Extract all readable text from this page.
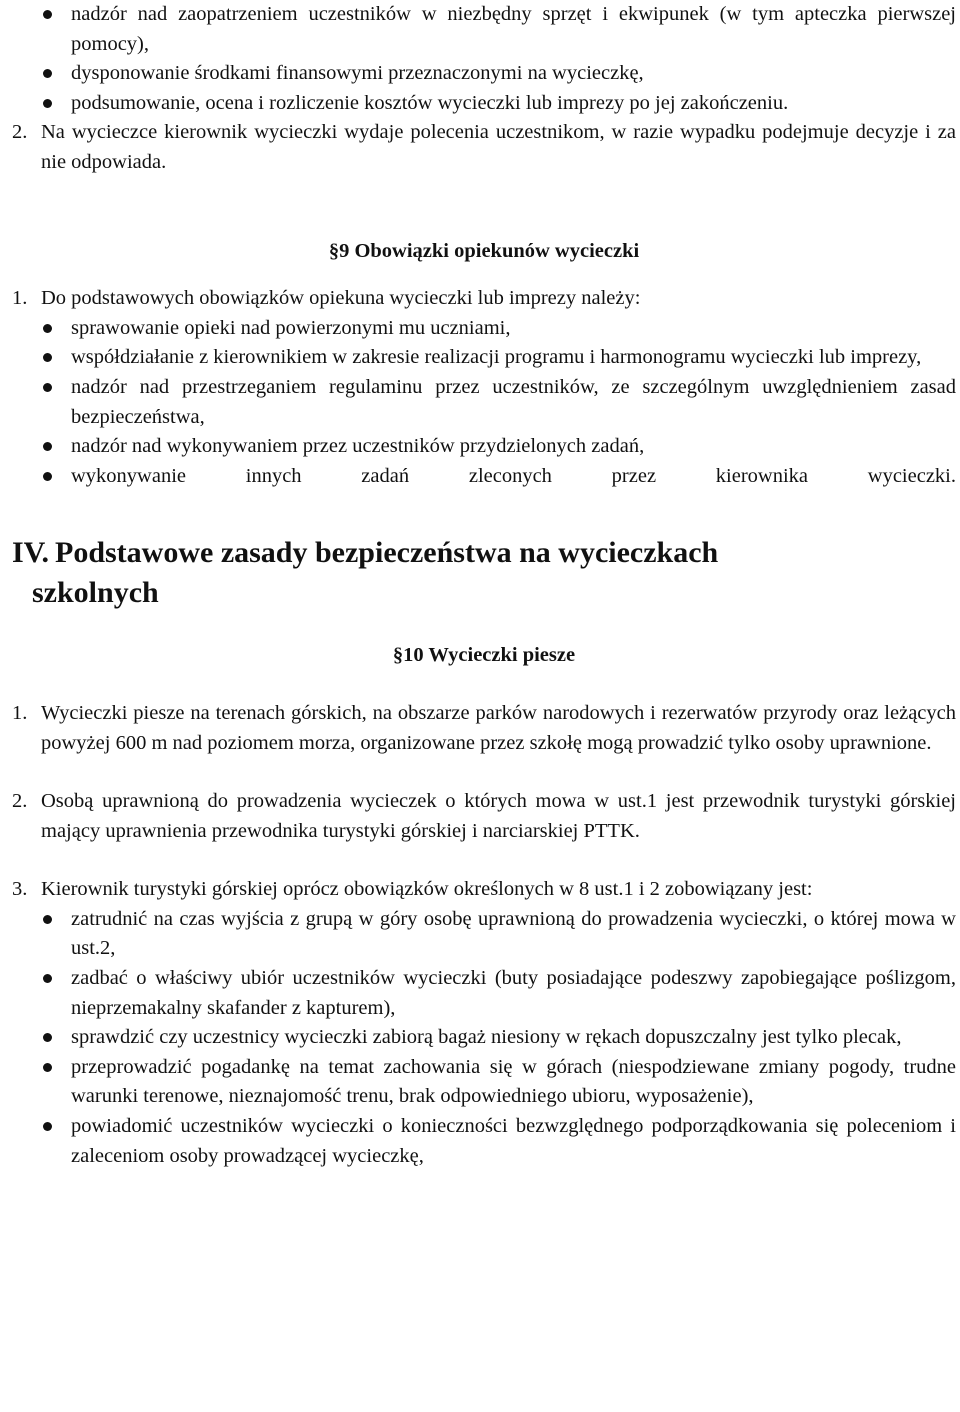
nadzór nad zaopatrzeniem uczestników w niezbędny sprzęt i ekwipunek (w tym apteczka pierwszej pomocy),
dysponowanie środkami finansowymi przeznaczonymi na wycieczkę,
podsumowanie, ocena i rozliczenie kosztów wycieczki lub imprezy po jej zakończeniu.
2. Na wycieczce kierownik wycieczki wydaje polecenia uczestnikom, w razie wypadku podejmuje decyzje i za nie odpowiada.
§9 Obowiązki opiekunów wycieczki
1. Do podstawowych obowiązków opiekuna wycieczki lub imprezy należy:
sprawowanie opieki nad powierzonymi mu uczniami,
współdziałanie z kierownikiem w zakresie realizacji programu i harmonogramu wycieczki lub imprezy,
nadzór nad przestrzeganiem regulaminu przez uczestników, ze szczególnym uwzględnieniem zasad bezpieczeństwa,
nadzór nad wykonywaniem przez uczestników przydzielonych zadań,
wykonywanie innych zadań zleconych przez kierownika wycieczki.
IV. Podstawowe zasady bezpieczeństwa na wycieczkach
szkolnych
§10 Wycieczki piesze
1. Wycieczki piesze na terenach górskich, na obszarze parków narodowych i rezerwatów przyrody oraz leżących powyżej 600 m nad poziomem morza, organizowane przez szkołę mogą prowadzić tylko osoby uprawnione.
2. Osobą uprawnioną do prowadzenia wycieczek o których mowa w ust.1 jest przewodnik turystyki górskiej mający uprawnienia przewodnika turystyki górskiej i narciarskiej PTTK.
3. Kierownik turystyki górskiej oprócz obowiązków określonych w 8 ust.1 i 2 zobowiązany jest:
zatrudnić na czas wyjścia z grupą w góry osobę uprawnioną do prowadzenia wycieczki, o której mowa w ust.2,
zadbać o właściwy ubiór uczestników wycieczki (buty posiadające podeszwy zapobiegające poślizgom, nieprzemakalny skafander z kapturem),
sprawdzić czy uczestnicy wycieczki zabiorą bagaż niesiony w rękach dopuszczalny jest tylko plecak,
przeprowadzić pogadankę na temat zachowania się w górach (niespodziewane zmiany pogody, trudne warunki terenowe, nieznajomość trenu, brak odpowiedniego ubioru, wyposażenie),
powiadomić uczestników wycieczki o konieczności bezwzględnego podporządkowania się poleceniom i zaleceniom osoby prowadzącej wycieczkę,
